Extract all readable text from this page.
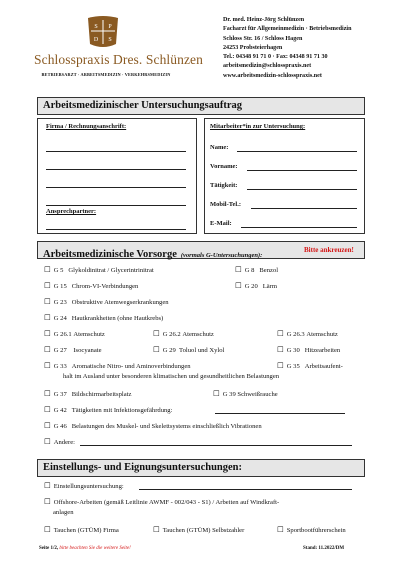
S P
D S
Schlosspraxis Dres. Schlünzen
BETRIEBSARZT · ARBEITSMEDIZIN · VERKEHRSMEDIZIN
Dr. med. Heinz-Jörg Schlünzen
Facharzt für Allgemeinmedizin · Betriebsmedizin
Schloss Str. 16 / Schloss Hagen
24253 Probsteierhagen
Tel.: 04348 91 71 0 · Fax: 04348 91 71 30
arbeitsmedizin@schlosspraxis.net
www.arbeitsmedizin-schlosspraxis.net
Arbeitsmedizinischer Untersuchungsauftrag
Firma / Rechnungsanschrift:
Ansprechpartner:
Mitarbeiter*in zur Untersuchung:
Name:
Vorname:
Tätigkeit:
Mobil-Tel.:
E-Mail:
Arbeitsmedizinische Vorsorge (vormals G-Untersuchungen):
Bitte ankreuzen!
☐ G 5 Glykoldinitrat / Glycerintrinitrat	☐ G 8 Benzol
☐ G 15 Chrom-VI-Verbindungen	☐ G 20 Lärm
☐ G 23 Obstruktive Atemwegserkrankungen
☐ G 24 Hautkrankheiten (ohne Hautkrebs)
☐ G 26.1 Atemschutz	☐ G 26.2 Atemschutz	☐ G 26.3 Atemschutz
☐ G 27 Isocyanate	☐ G 29 Toluol und Xylol	☐ G 30 Hitzearbeiten
☐ G 33 Aromatische Nitro- und Aminoverbindungen	☐ G 35 Arbeitsaufent-
halt im Ausland unter besonderen klimatischen und gesundheitlichen Belastungen
☐ G 37 Bildschirmarbeitsplatz	☐ G 39 Schweißrauche
☐ G 42 Tätigkeiten mit Infektionsgefährdung:
☐ G 46 Belastungen des Muskel- und Skelettsystems einschließlich Vibrationen
☐ Andere:
Einstellungs- und Eignungsuntersuchungen:
☐ Einstellungsuntersuchung:
☐ Offshore-Arbeiten (gemäß Leitlinie AWMF - 002/043 - S1) / Arbeiten auf Windkraft-
anlagen
☐ Tauchen (GTÜM) Firma	☐ Tauchen (GTÜM) Selbstzahler	☐ Sportbootführerschein
Seite 1/2, bitte beachten Sie die weitere Seite!	Stand: 11.2022/DM
